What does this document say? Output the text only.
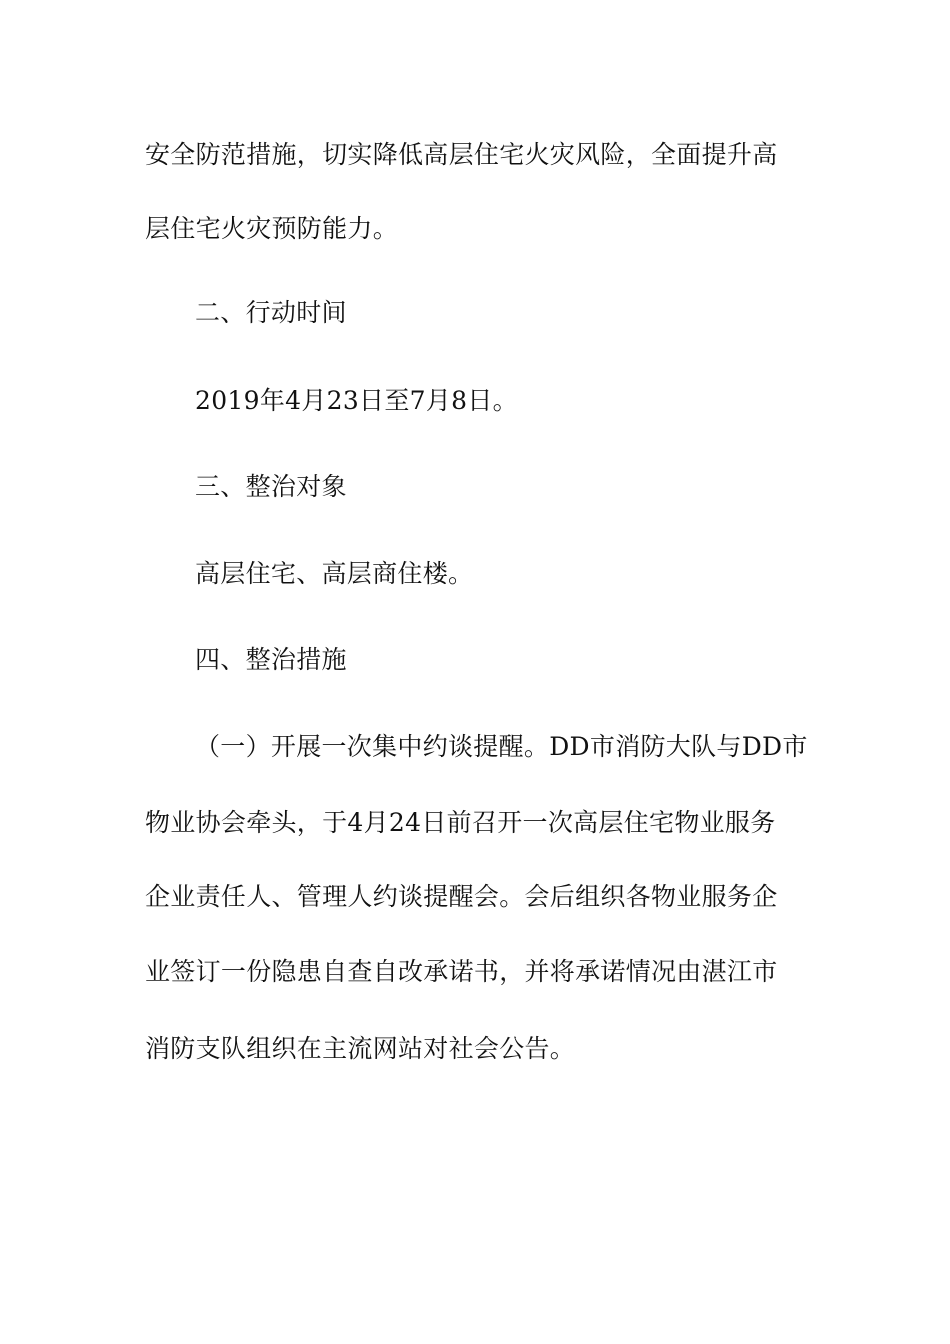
安全防范措施，切实降低高层住宅火灾风险，全面提升高
层住宅火灾预防能力。
二、行动时间
2019年4月23日至7月8日。
三、整治对象
高层住宅、高层商住楼。
四、整治措施
（一）开展一次集中约谈提醒。DD市消防大队与DD市
物业协会牵头，于4月24日前召开一次高层住宅物业服务
企业责任人、管理人约谈提醒会。会后组织各物业服务企
业签订一份隐患自查自改承诺书，并将承诺情况由湛江市
消防支队组织在主流网站对社会公告。
